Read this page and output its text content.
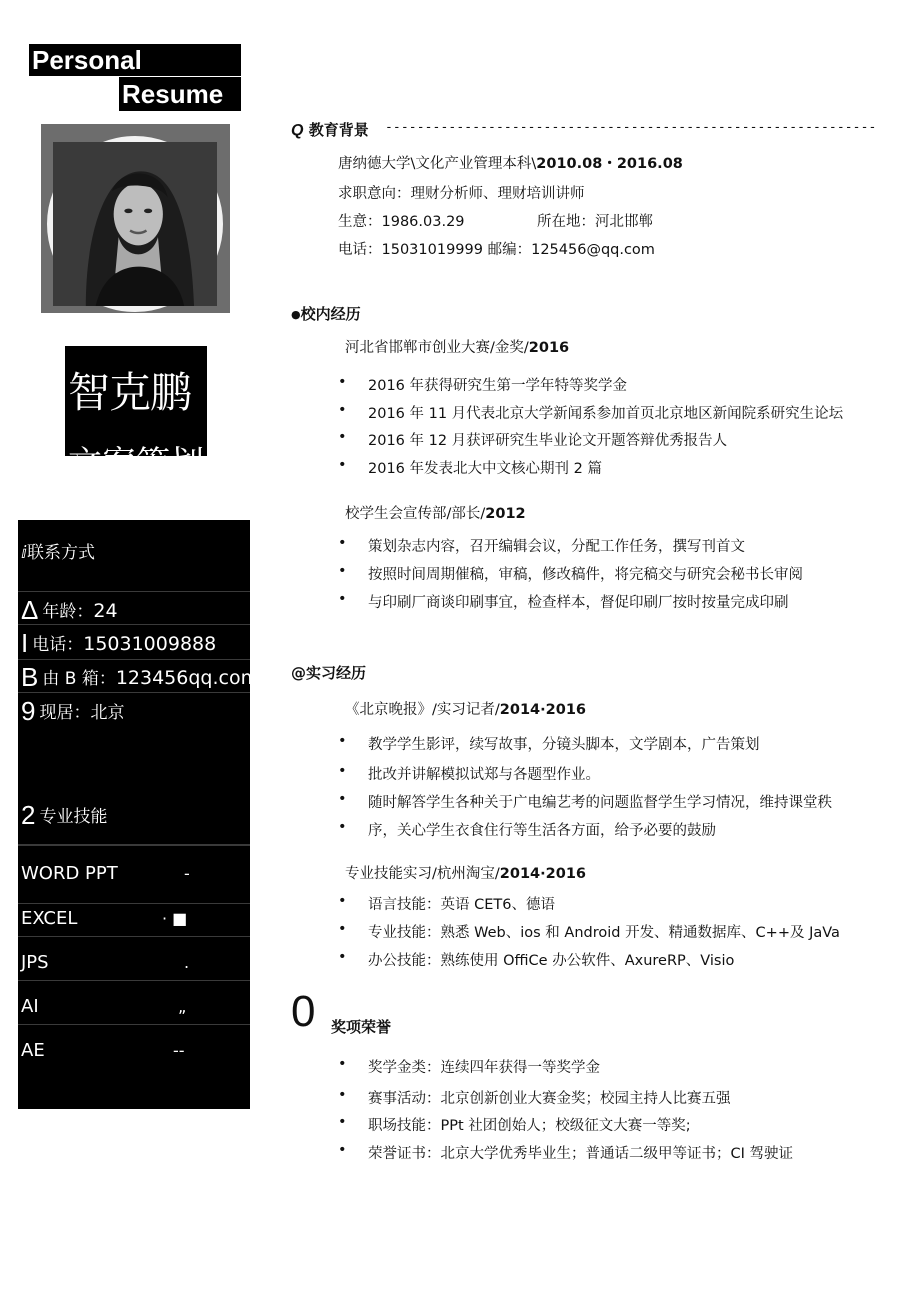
Personal
Resume
智克鹏
文案策划
ⅈ联系方式
Δ年龄：24
I电话：15031009888
B由 B 箱：123456qq.com
9 现居：北京
2 专业技能
WORD PPT	-
EXCEL	· ■
JPS	.
AI	„
AE	--
Q 教育背景 --------------------------------------------------------------
唐纳德大学\文化产业管理本科\2010.08・2016.08
求职意向：理财分析师、理财培训讲师
生意：1986.03.29	所在地：河北邯郸
电话：15031019999 邮编：125456@qq.com
●校内经历
河北省邯郸市创业大赛/金奖/2016
• 2016 年获得研究生第一学年特等奖学金
• 2016 年 11 月代表北京大学新闻系参加首页北京地区新闻院系研究生论坛
• 2016 年 12 月获评研究生毕业论文开题答辩优秀报告人
• 2016 年发表北大中文核心期刊 2 篇
校学生会宣传部/部长/2012
• 策划杂志内容，召开编辑会议，分配工作任务，撰写刊首文
• 按照时间周期催稿，审稿，修改稿件，将完稿交与研究会秘书长审阅
• 与印刷厂商谈印刷事宜，检查样本，督促印刷厂按时按量完成印刷
@实习经历
《北京晚报》/实习记者/2014·2016
• 教学学生影评，续写故事，分镜头脚本，文学剧本，广告策划
• 批改并讲解模拟试郑与各题型作业。
• 随时解答学生各种关于广电编艺考的问题监督学生学习情况，维持课堂秩
• 序，关心学生衣食住行等生活各方面，给予必要的鼓励
专业技能实习/杭州淘宝/2014·2016
• 语言技能：英语 CET6、德语
• 专业技能：熟悉 Web、ios 和 Android 开发、精通数据库、C++及 JaVa
• 办公技能：熟练使用 OffiCe 办公软件、AxureRP、Visio
0 奖项荣誉
• 奖学金类：连续四年获得一等奖学金
• 赛事活动：北京创新创业大赛金奖；校园主持人比赛五强
• 职场技能：PPt 社团创始人；校级征文大赛一等奖;
• 荣誉证书：北京大学优秀毕业生；普通话二级甲等证书；CI 驾驶证
